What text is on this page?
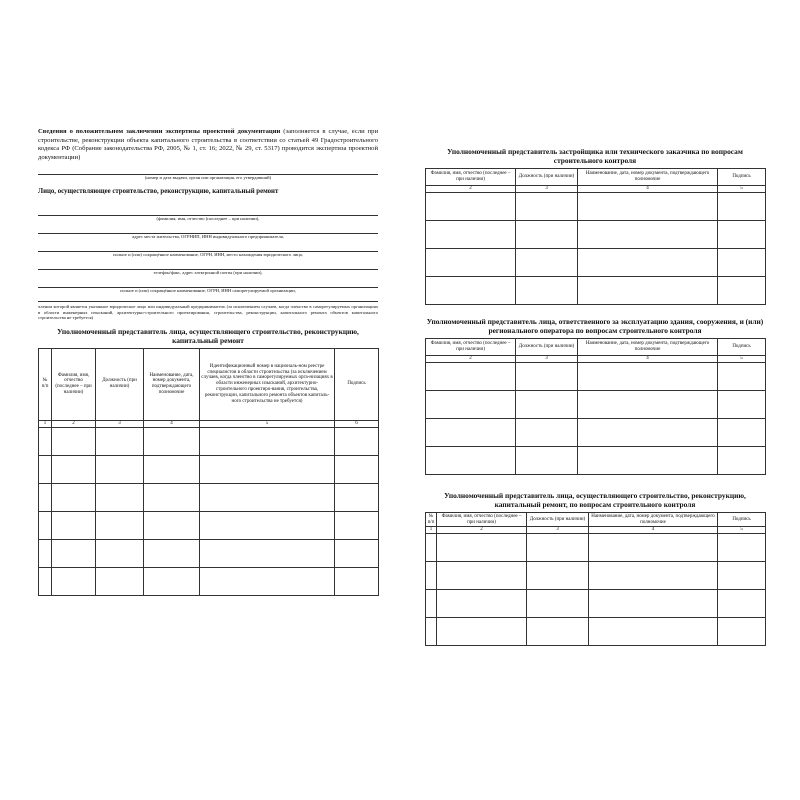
Сведения о положительном заключении экспертизы проектной документации (заполняется в случае, если при строительстве, реконструкции объекта капитального строительства в соответствии со статьей 49 Градостроительного кодекса РФ (Собрание законодательства РФ, 2005, № 1, ст. 16; 2022, № 29, ст. 5317) проводится экспертиза проектной документации)
(номер и дата выдачи, орган или организация, его утвердивший)
Лицо, осуществляющее строительство, реконструкцию, капитальный ремонт
(фамилия, имя, отчество (последнее – при наличии),
адрес места жительства, ОГРНИП, ИНН индивидуального предпринимателя,
полное и (или) сокращённое наименование, ОГРН, ИНН, место нахождения юридического лица,
телефон/факс, адрес электронной почты (при наличии),
полное и (или) сокращённое наименование, ОГРН, ИНН саморегулируемой организации,
членом которой является указанное юридическое лицо или индивидуальный предприниматель (за исключением случаев, когда членство в саморегулируемых организациях в области инженерных изысканий, архитектурно-строительного проектирования, строительства, реконструкции, капитального ремонта объектов капитального строительства не требуется)
Уполномоченный представитель лица, осуществляющего строительство, реконструкцию, капитальный ремонт
№ п/п	Фамилия, имя, отчество (последнее – при наличии)	Должность (при наличии)	Наименование, дата, номер документа, подтверждающего полномочие	Идентификационный номер в националь-ном реестре специалистов в области строительства (за исключением случаев, когда членство в саморегулируемых орга-низациях в области инженерных изысканий, архитектурно-строительного проектиро-вания, строительства, реконструкции, капитального ремонта объектов капиталь-ного строительства не требуется)	Подпись
1	2	3	4	5	6

Уполномоченный представитель застройщика или технического заказчика по вопросам строительного контроля
Фамилия, имя, отчество (последнее – при наличии)	Должность (при наличии)	Наименование, дата, номер документа, подтверждающего полномочие	Подпись
2	3	4	5

Уполномоченный представитель лица, ответственного за эксплуатацию здания, сооружения, и (или) регионального оператора по вопросам строительного контроля
Фамилия, имя, отчество (последнее – при наличии)	Должность (при наличии)	Наименование, дата, номер документа, подтверждающего полномочие	Подпись
2	3	4	5

Уполномоченный представитель лица, осуществляющего строительство, реконструкцию, капитальный ремонт, по вопросам строительного контроля
№ п/п	Фамилия, имя, отчество (последнее – при наличии)	Должность (при наличии)	Наименование, дата, номер документа, подтверждающего полномочие	Подпись
1	2	3	4	5
